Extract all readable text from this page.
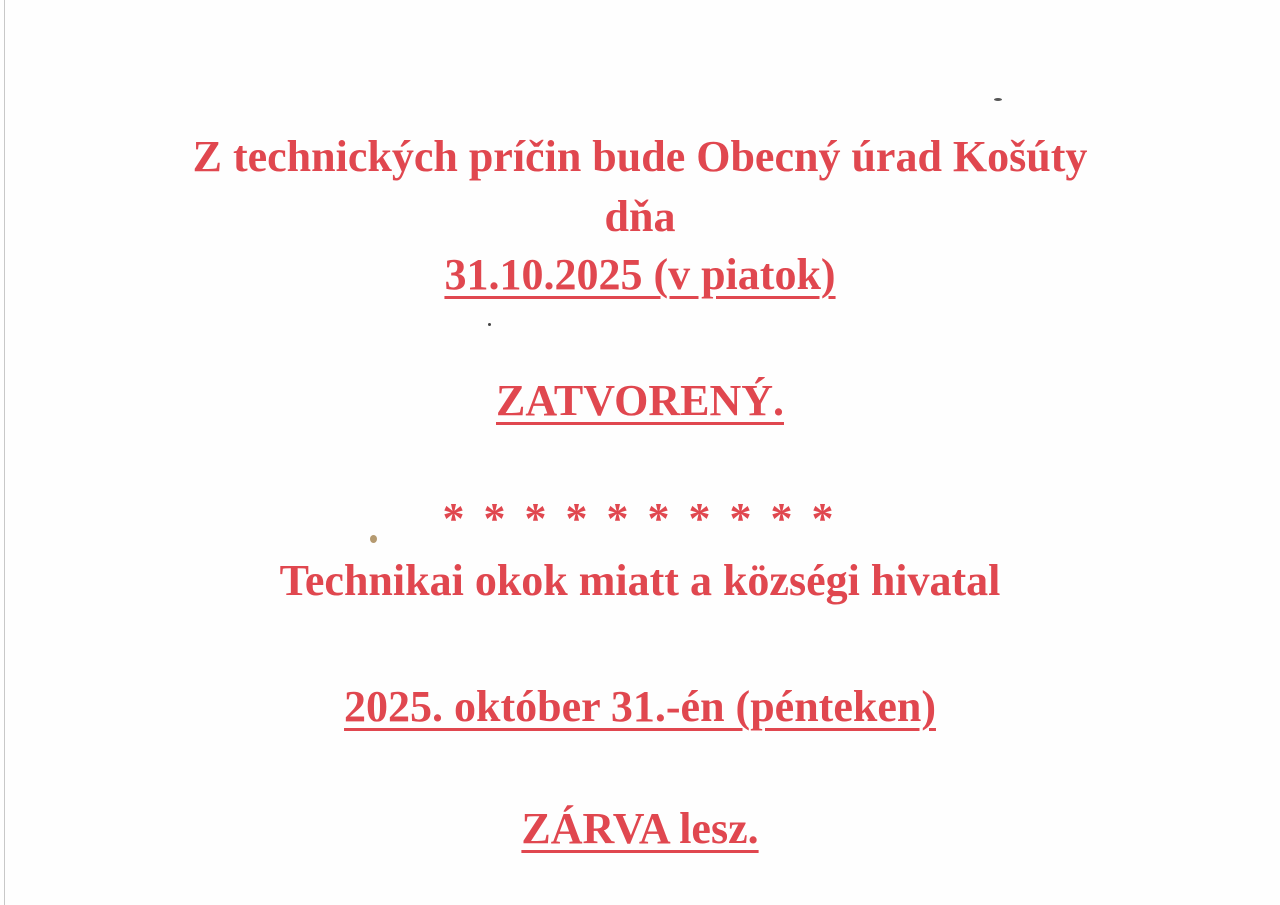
Z technických príčin bude Obecný úrad Košúty
dňa
31.10.2025 (v piatok)
ZATVORENÝ.
* * * * * * * * * *
Technikai okok miatt a községi hivatal
2025. október 31.-én (pénteken)
ZÁRVA lesz.
